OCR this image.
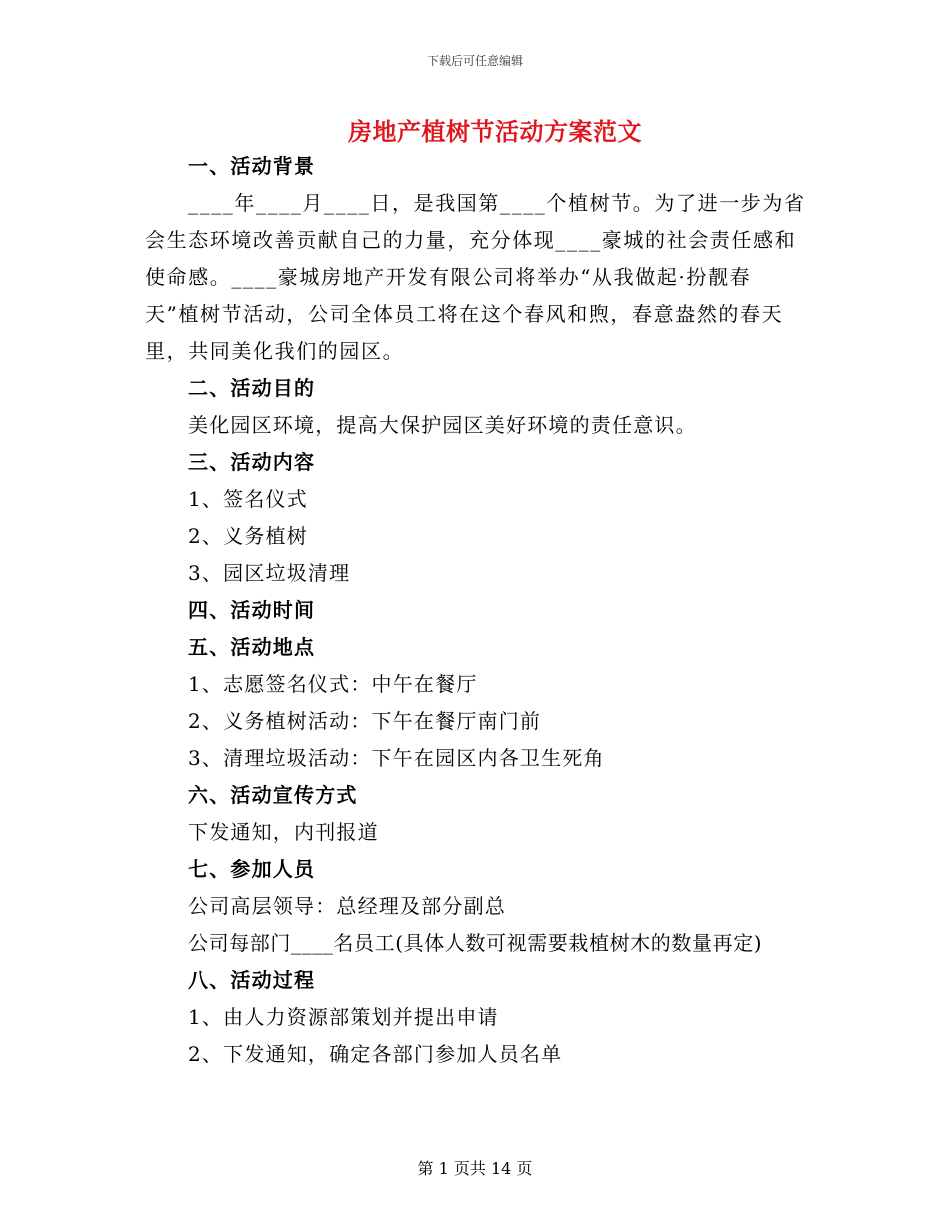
下载后可任意编辑
房地产植树节活动方案范文
一、活动背景
____年____月____日，是我国第____个植树节。为了进一步为省
会生态环境改善贡献自己的力量，充分体现____豪城的社会责任感和
使命感。____豪城房地产开发有限公司将举办“从我做起·扮靓春
天”植树节活动，公司全体员工将在这个春风和煦，春意盎然的春天
里，共同美化我们的园区。
二、活动目的
美化园区环境，提高大保护园区美好环境的责任意识。
三、活动内容
1、签名仪式
2、义务植树
3、园区垃圾清理
四、活动时间
五、活动地点
1、志愿签名仪式：中午在餐厅
2、义务植树活动：下午在餐厅南门前
3、清理垃圾活动：下午在园区内各卫生死角
六、活动宣传方式
下发通知，内刊报道
七、参加人员
公司高层领导：总经理及部分副总
公司每部门____名员工(具体人数可视需要栽植树木的数量再定)
八、活动过程
1、由人力资源部策划并提出申请
2、下发通知，确定各部门参加人员名单
第 1 页共 14 页
